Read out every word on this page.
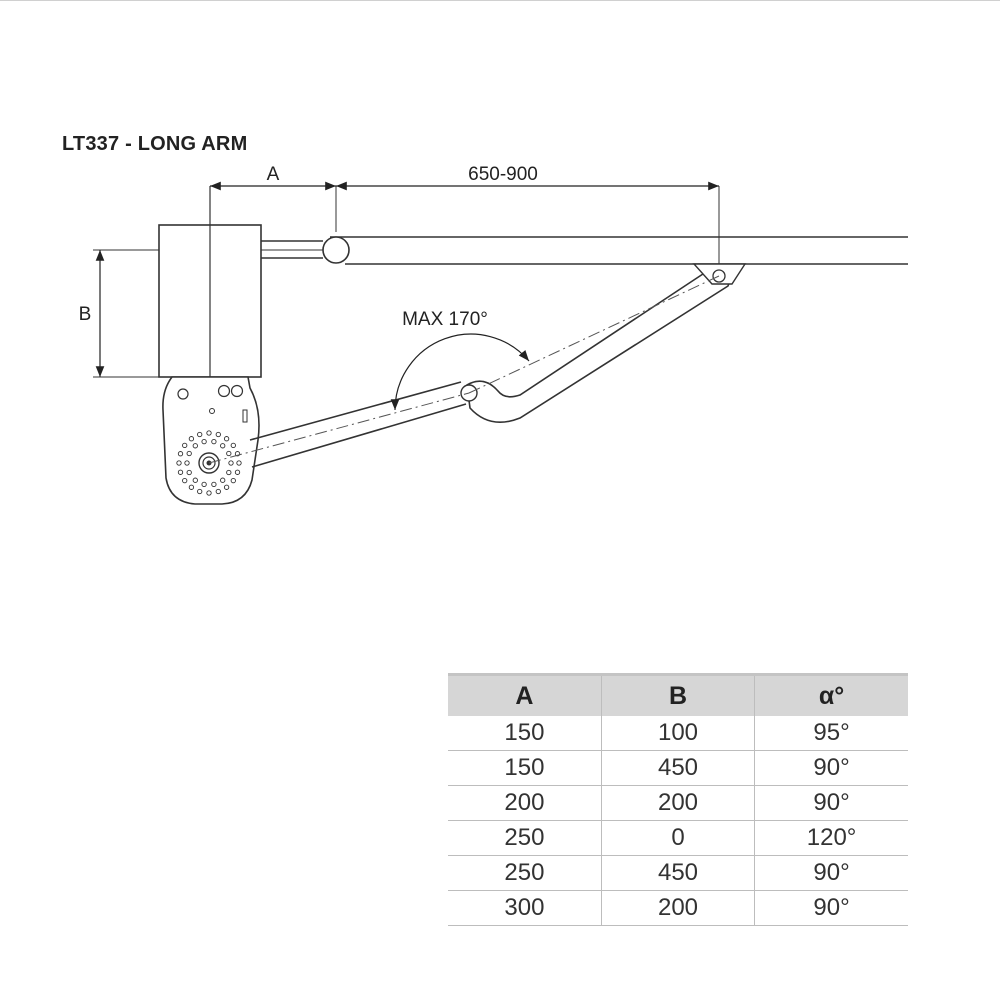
LT337 - LONG ARM
A	650-900
B	MAX 170°
A	B	α°
150	100	95°
150	450	90°
200	200	90°
250	0	120°
250	450	90°
300	200	90°
